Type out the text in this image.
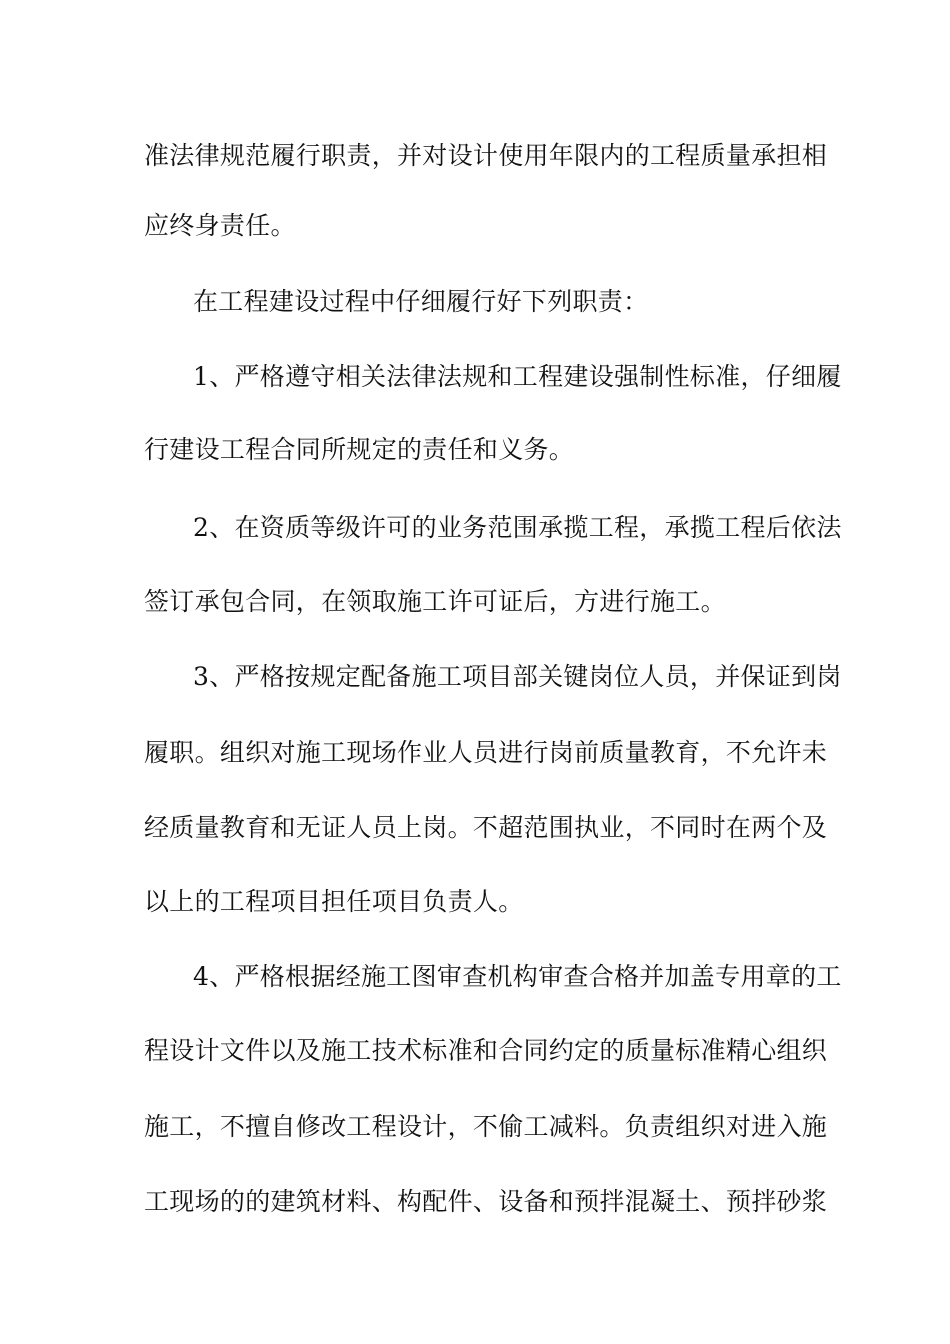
准法律规范履行职责，并对设计使用年限内的工程质量承担相
应终身责任。
在工程建设过程中仔细履行好下列职责：
1、严格遵守相关法律法规和工程建设强制性标准，仔细履
行建设工程合同所规定的责任和义务。
2、在资质等级许可的业务范围承揽工程，承揽工程后依法
签订承包合同，在领取施工许可证后，方进行施工。
3、严格按规定配备施工项目部关键岗位人员，并保证到岗
履职。组织对施工现场作业人员进行岗前质量教育，不允许未
经质量教育和无证人员上岗。不超范围执业，不同时在两个及
以上的工程项目担任项目负责人。
4、严格根据经施工图审查机构审查合格并加盖专用章的工
程设计文件以及施工技术标准和合同约定的质量标准精心组织
施工，不擅自修改工程设计，不偷工减料。负责组织对进入施
工现场的的建筑材料、构配件、设备和预拌混凝土、预拌砂浆
